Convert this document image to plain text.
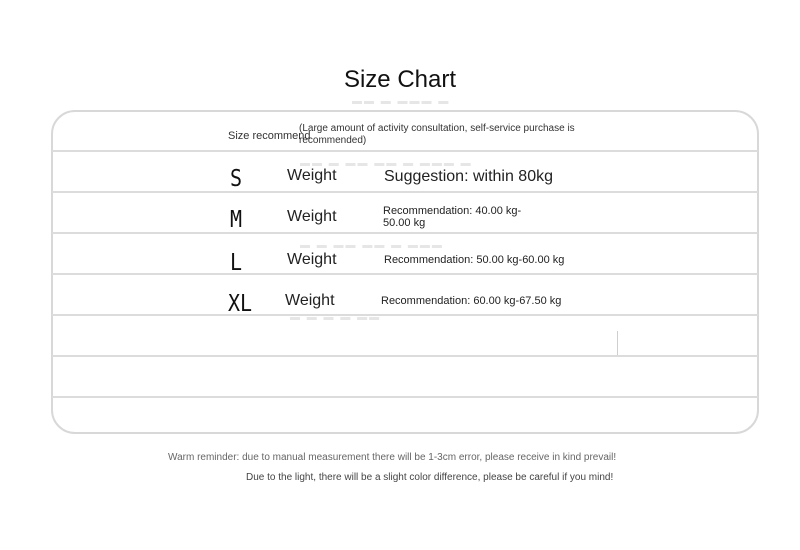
Size Chart
▬▬ ▬ ▬▬▬ ▬
▬▬ ▬ ▬▬ ▬▬ ▬ ▬▬▬ ▬
▬ ▬ ▬▬ ▬▬ ▬ ▬▬▬
▬ ▬ ▬ ▬ ▬▬
Size recommend
(Large amount of activity consultation, self-service purchase is recommended)
S	Weight	Suggestion: within 80kg
M	Weight	Recommendation: 40.00 kg-50.00 kg
L	Weight	Recommendation: 50.00 kg-60.00 kg
XL Weight	Recommendation: 60.00 kg-67.50 kg
Warm reminder: due to manual measurement there will be 1-3cm error, please receive in kind prevail!
Due to the light, there will be a slight color difference, please be careful if you mind!
